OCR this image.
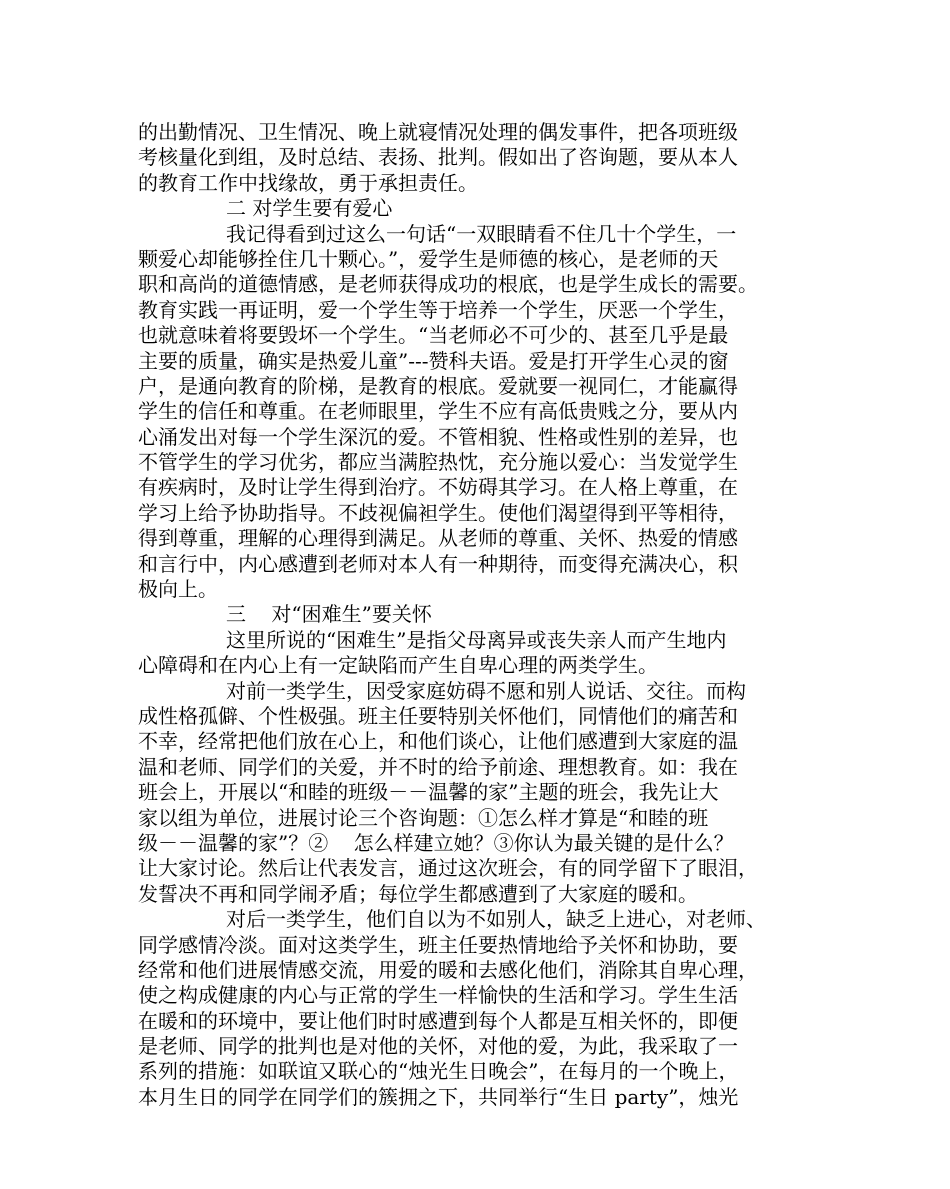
的出勤情况、卫生情况、晚上就寝情况处理的偶发事件，把各项班级
考核量化到组，及时总结、表扬、批判。假如出了咨询题，要从本人
的教育工作中找缘故，勇于承担责任。
二 对学生要有爱心
我记得看到过这么一句话“一双眼睛看不住几十个学生，一
颗爱心却能够拴住几十颗心。”，爱学生是师德的核心，是老师的天
职和高尚的道德情感，是老师获得成功的根底，也是学生成长的需要。
教育实践一再证明，爱一个学生等于培养一个学生，厌恶一个学生，
也就意味着将要毁坏一个学生。“当老师必不可少的、甚至几乎是最
主要的质量，确实是热爱儿童”---赞科夫语。爱是打开学生心灵的窗
户，是通向教育的阶梯，是教育的根底。爱就要一视同仁，才能赢得
学生的信任和尊重。在老师眼里，学生不应有高低贵贱之分，要从内
心涌发出对每一个学生深沉的爱。不管相貌、性格或性别的差异，也
不管学生的学习优劣，都应当满腔热忱，充分施以爱心：当发觉学生
有疾病时，及时让学生得到治疗。不妨碍其学习。在人格上尊重，在
学习上给予协助指导。不歧视偏袒学生。使他们渴望得到平等相待，
得到尊重，理解的心理得到满足。从老师的尊重、关怀、热爱的情感
和言行中，内心感遭到老师对本人有一种期待，而变得充满决心，积
极向上。
三    对“困难生”要关怀
这里所说的“困难生”是指父母离异或丧失亲人而产生地内
心障碍和在内心上有一定缺陷而产生自卑心理的两类学生。
对前一类学生，因受家庭妨碍不愿和别人说话、交往。而构
成性格孤僻、个性极强。班主任要特别关怀他们，同情他们的痛苦和
不幸，经常把他们放在心上，和他们谈心，让他们感遭到大家庭的温
温和老师、同学们的关爱，并不时的给予前途、理想教育。如：我在
班会上，开展以“和睦的班级－－温馨的家”主题的班会，我先让大
家以组为单位，进展讨论三个咨询题：①怎么样才算是“和睦的班
级－－温馨的家”？②    怎么样建立她？③你认为最关键的是什么？
让大家讨论。然后让代表发言，通过这次班会，有的同学留下了眼泪，
发誓决不再和同学闹矛盾；每位学生都感遭到了大家庭的暖和。
对后一类学生，他们自以为不如别人，缺乏上进心，对老师、
同学感情冷淡。面对这类学生，班主任要热情地给予关怀和协助，要
经常和他们进展情感交流，用爱的暖和去感化他们，消除其自卑心理，
使之构成健康的内心与正常的学生一样愉快的生活和学习。学生生活
在暖和的环境中，要让他们时时感遭到每个人都是互相关怀的，即便
是老师、同学的批判也是对他的关怀，对他的爱，为此，我采取了一
系列的措施：如联谊又联心的“烛光生日晚会”，在每月的一个晚上，
本月生日的同学在同学们的簇拥之下，共同举行“生日 party”，烛光
